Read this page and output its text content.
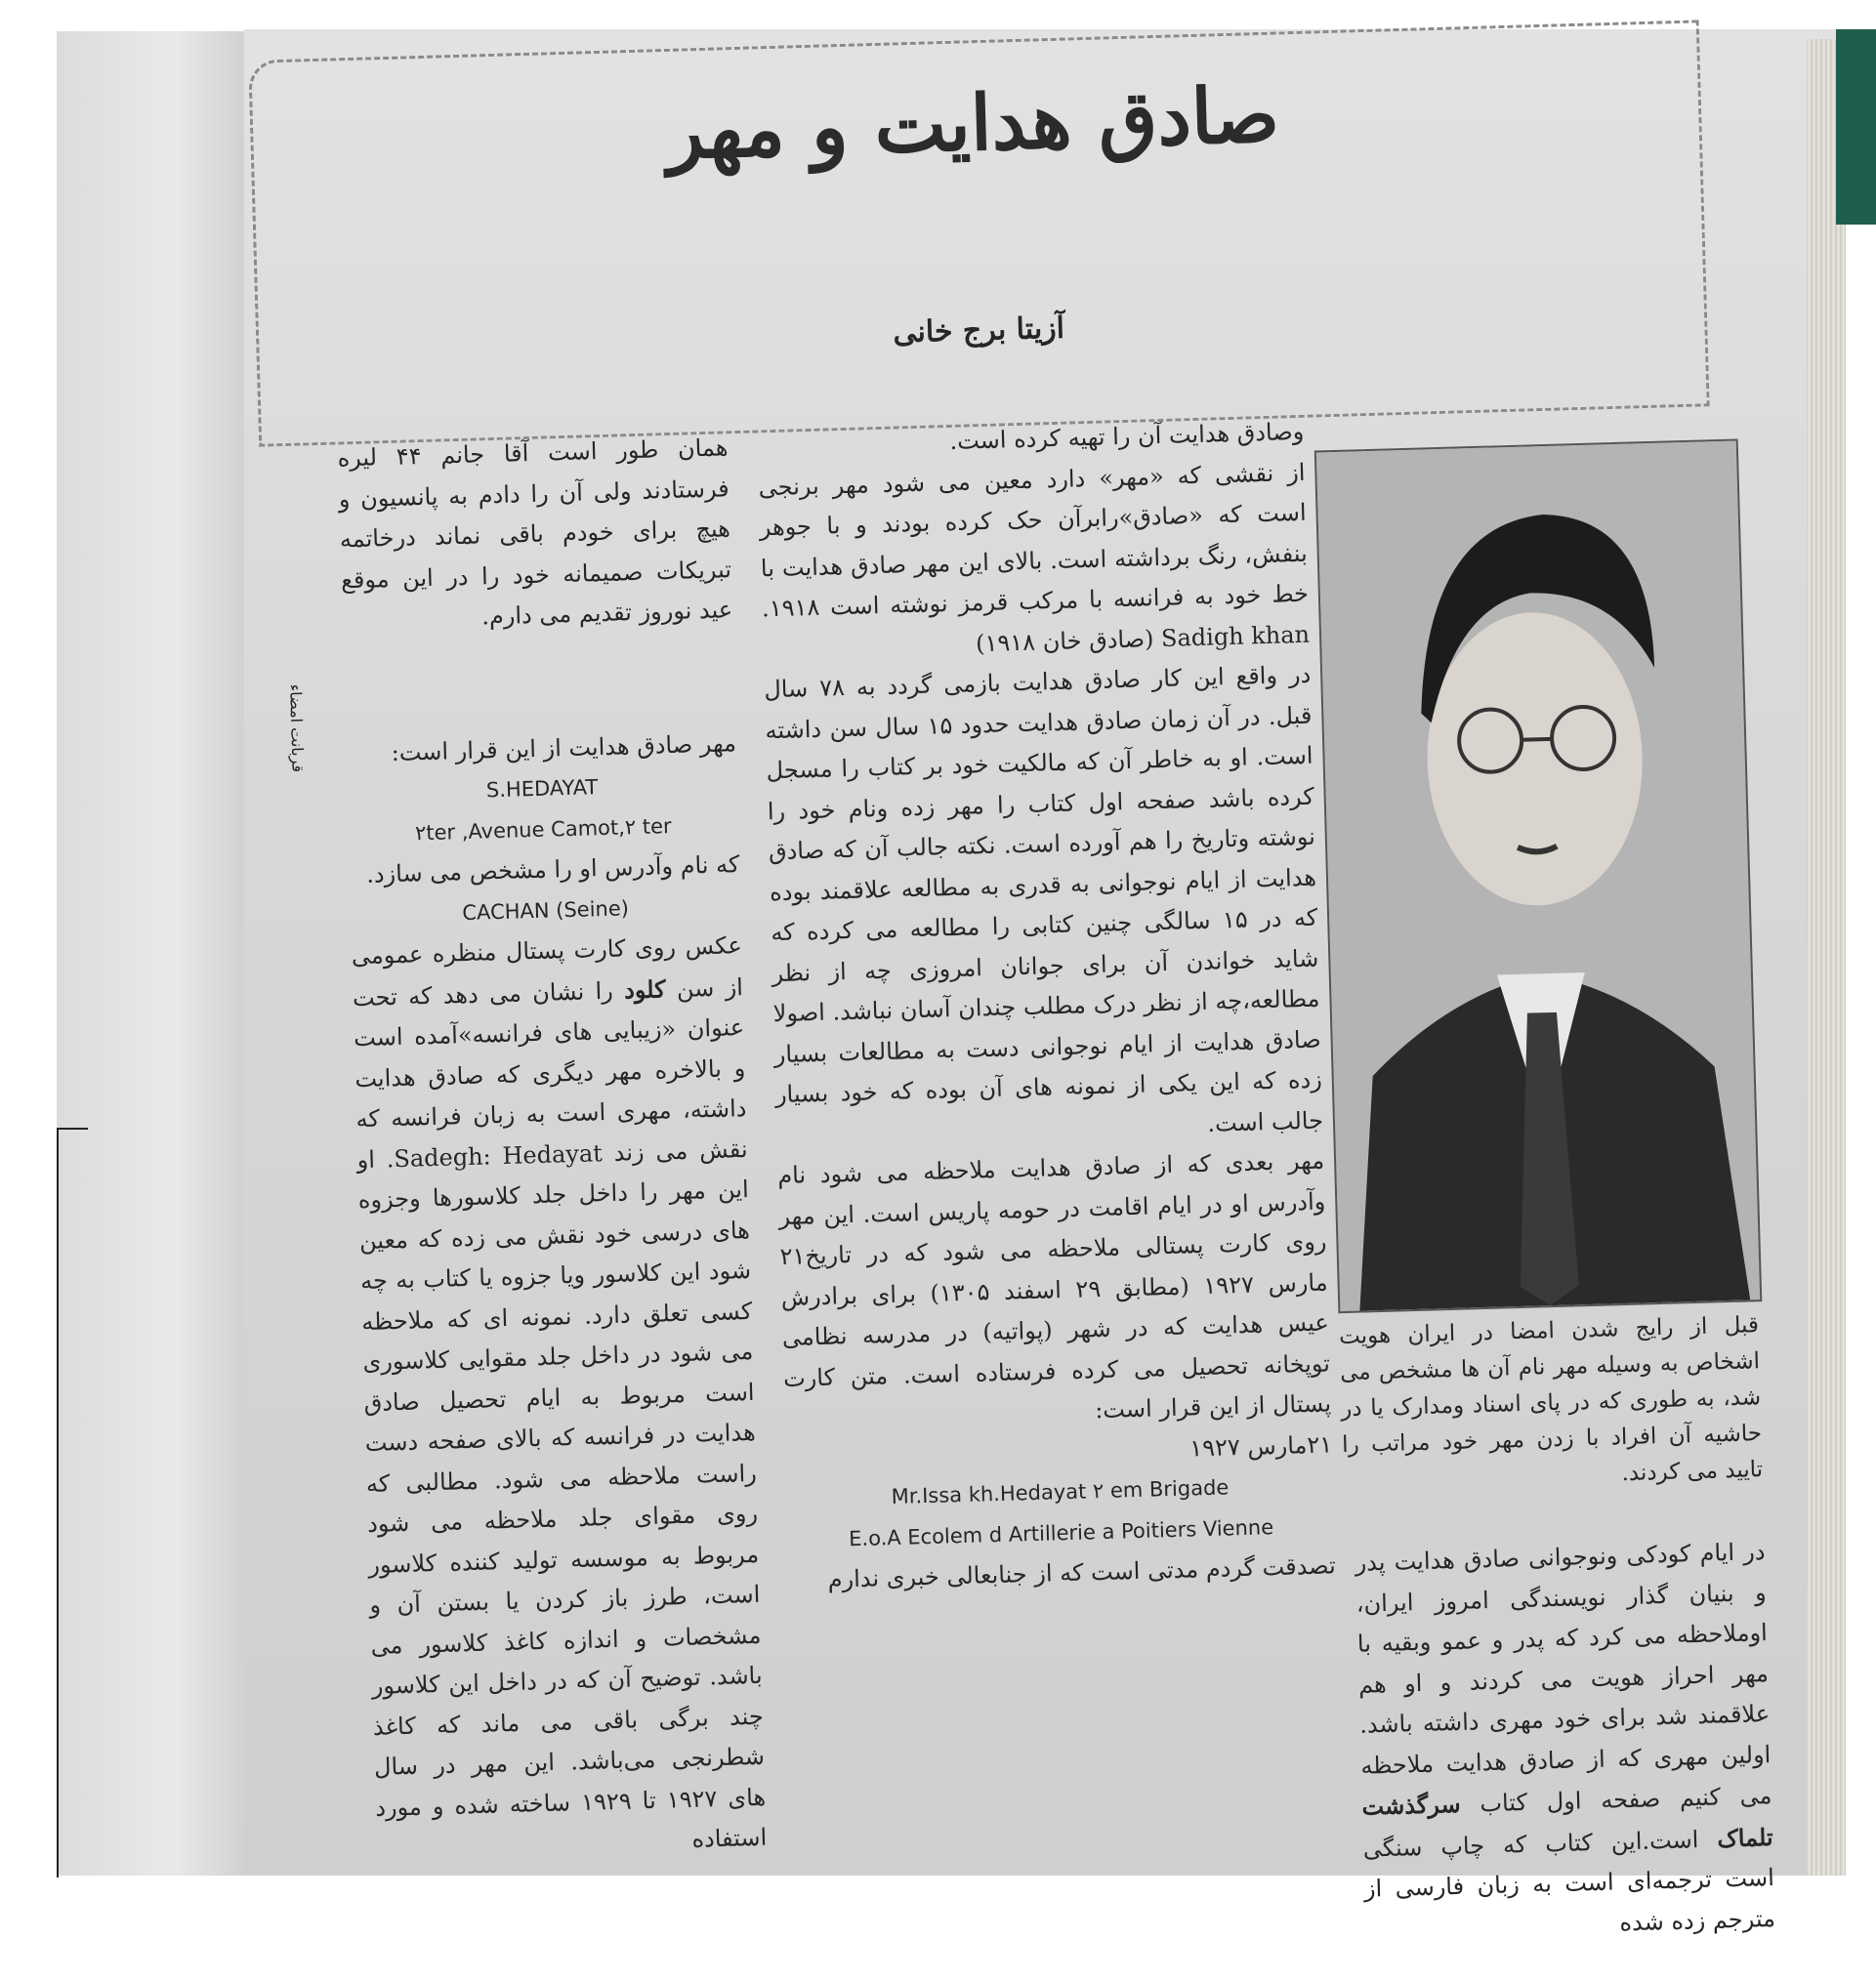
صادق هدایت و مهر
آزیتا برج خانی
قبل از رایج شدن امضا در ایران هویت اشخاص به وسیله مهر نام آن ها مشخص می شد، به طوری که در پای اسناد ومدارک یا در حاشیه آن افراد با زدن مهر خود مراتب را تایید می کردند.

در ایام کودکی ونوجوانی صادق هدایت پدر و بنیان گذار نویسندگی امروز ایران، اوملاحظه می کرد که پدر و عمو وبقیه با مهر احراز هویت می کردند و او هم علاقمند شد برای خود مهری داشته باشد. اولین مهری که از صادق هدایت ملاحظه می کنیم صفحه اول کتاب سرگذشت تلماک است.این کتاب که چاپ سنگی است ترجمه‌ای است به زبان فارسی از مترجم زده شده

وصادق هدایت آن را تهیه کرده است.

از نقشی که «مهر» دارد معین می شود مهر برنجی است که «صادق»رابرآن حک کرده بودند و با جوهر بنفش، رنگ برداشته است. بالای این مهر صادق هدایت با خط خود به فرانسه با مرکب قرمز نوشته است ۱۹۱۸. Sadigh khan (صادق خان ۱۹۱۸)

در واقع این کار صادق هدایت بازمی گردد به ۷۸ سال قبل. در آن زمان صادق هدایت حدود ۱۵ سال سن داشته است. او به خاطر آن که مالکیت خود بر کتاب را مسجل کرده باشد صفحه اول کتاب را مهر زده ونام خود را نوشته وتاریخ را هم آورده است. نکته جالب آن که صادق هدایت از ایام نوجوانی به قدری به مطالعه علاقمند بوده که در ۱۵ سالگی چنین کتابی را مطالعه می کرده که شاید خواندن آن برای جوانان امروزی چه از نظر مطالعه،چه از نظر درک مطلب چندان آسان نباشد. اصولا صادق هدایت از ایام نوجوانی دست به مطالعات بسیار زده که این یکی از نمونه های آن بوده که خود بسیار جالب است.

مهر بعدی که از صادق هدایت ملاحظه می شود نام وآدرس او در ایام اقامت در حومه پاریس است. این مهر روی کارت پستالی ملاحظه می شود که در تاریخ۲۱ مارس ۱۹۲۷ (مطابق ۲۹ اسفند ۱۳۰۵) برای برادرش عیس هدایت که در شهر (پواتیه) در مدرسه نظامی توپخانه تحصیل می کرده فرستاده است. متن کارت پستال از این قرار است:

۲۱مارس ۱۹۲۷

Mr.Issa kh.Hedayat ۲ em Brigade

E.o.A Ecolem d Artillerie a Poitiers Vienne

تصدقت گردم مدتی است که از جنابعالی خبری ندارم

همان طور است آقا جانم ۴۴ لیره فرستادند ولی آن را دادم به پانسیون و هیچ برای خودم باقی نماند درخاتمه تبریکات صمیمانه خود را در این موقع عید نوروز تقدیم می دارم.

مهر صادق هدایت از این قرار است:

S.HEDAYAT

۲ter ,Avenue Camot,۲ ter

که نام وآدرس او را مشخص می سازد.

CACHAN (Seine)

عکس روی کارت پستال منظره عمومی از سن کلود را نشان می دهد که تحت عنوان «زیبایی های فرانسه»آمده است و بالاخره مهر دیگری که صادق هدایت داشته، مهری است به زبان فرانسه که نقش می زند Sadegh: Hedayat. او این مهر را داخل جلد کلاسورها وجزوه های درسی خود نقش می زده که معین شود این کلاسور ویا جزوه یا کتاب به چه کسی تعلق دارد. نمونه ای که ملاحظه می شود در داخل جلد مقوایی کلاسوری است مربوط به ایام تحصیل صادق هدایت در فرانسه که بالای صفحه دست راست ملاحظه می شود. مطالبی که روی مقوای جلد ملاحظه می شود مربوط به موسسه تولید کننده کلاسور است، طرز باز کردن یا بستن آن و مشخصات و اندازه کاغذ کلاسور می باشد. توضیح آن که در داخل این کلاسور چند برگی باقی می ماند که کاغذ شطرنجی می‌باشد. این مهر در سال های ۱۹۲۷ تا ۱۹۲۹ ساخته شده و مورد استفاده

قربانت امضاء
